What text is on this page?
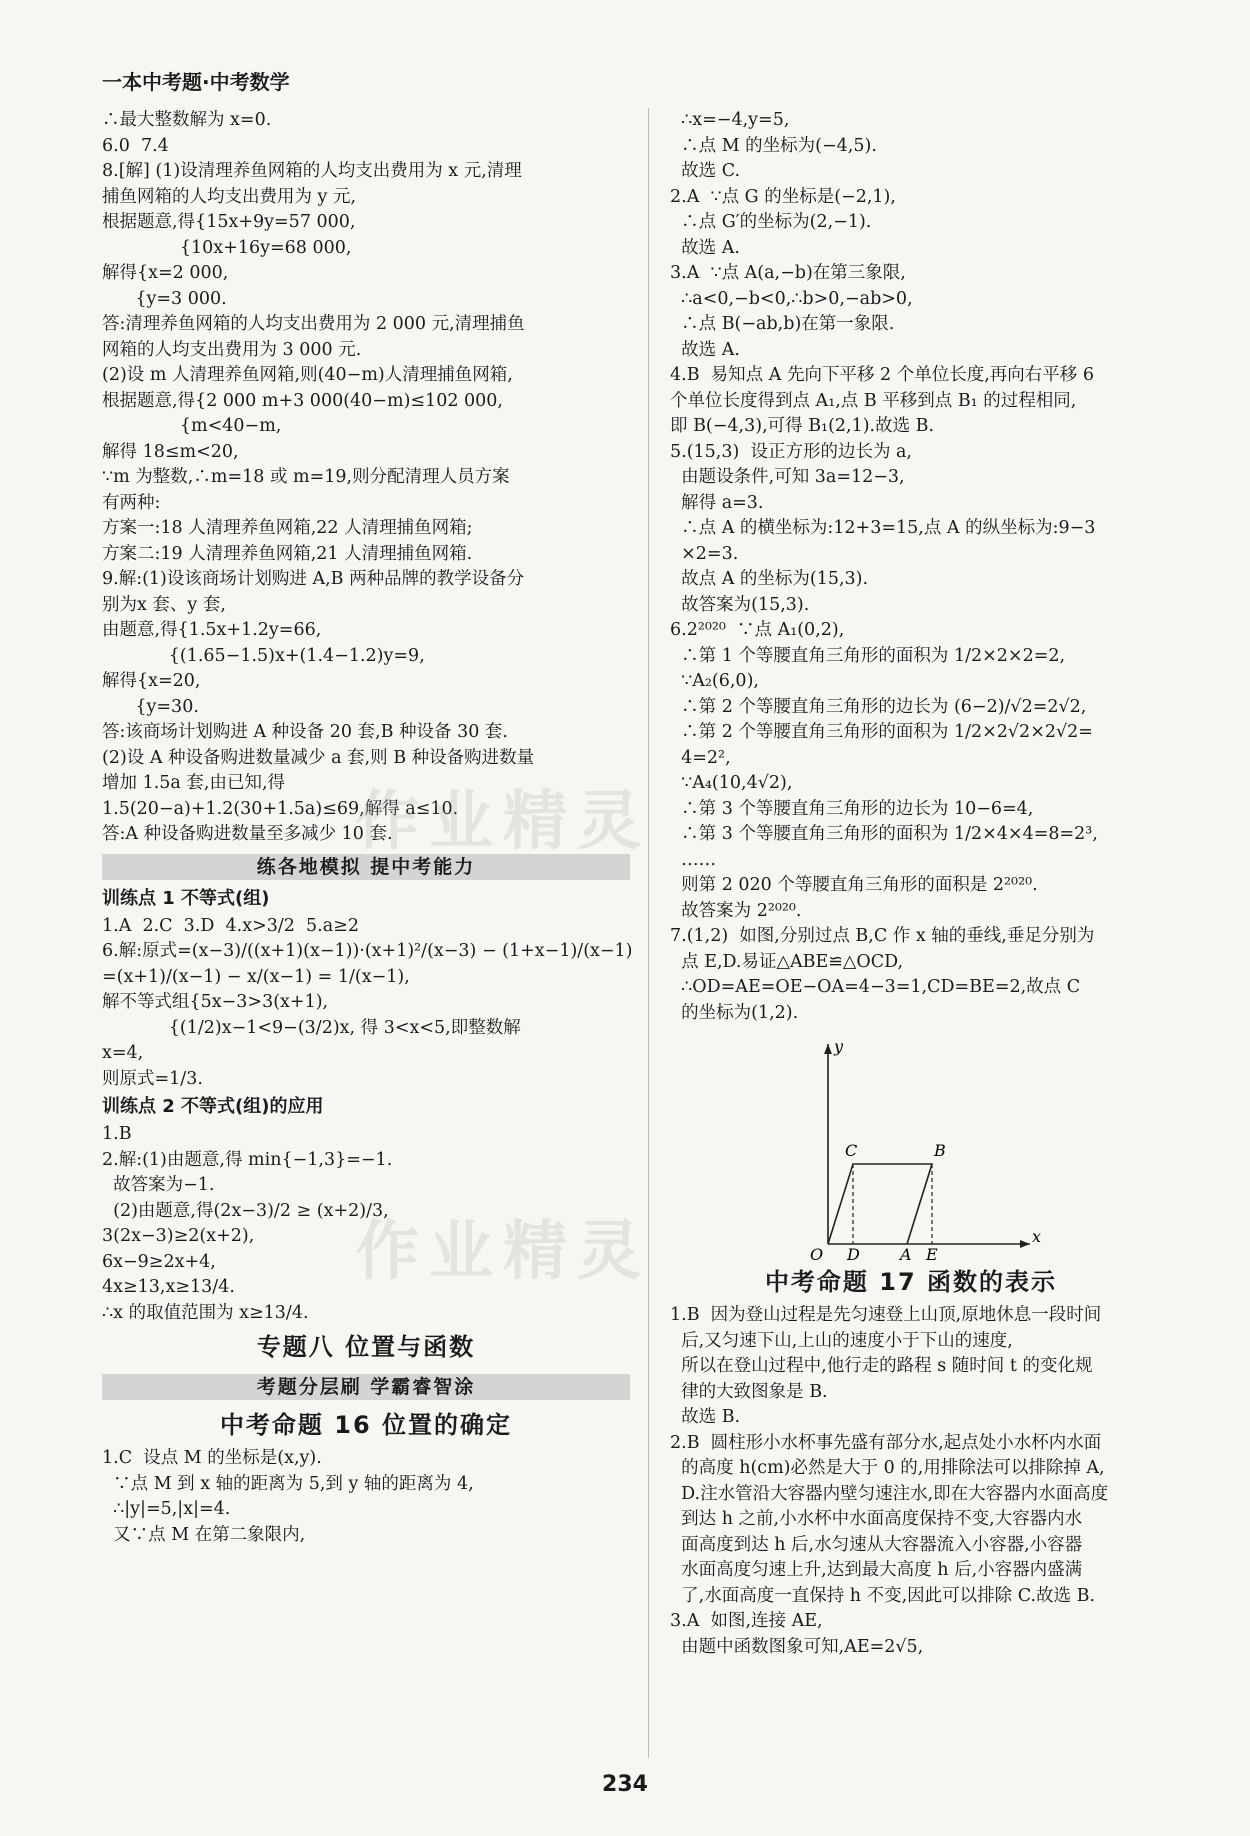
一本中考题·中考数学
∴最大整数解为 x=0.
6.0  7.4
8.[解] (1)设清理养鱼网箱的人均支出费用为 x 元,清理
捕鱼网箱的人均支出费用为 y 元,
根据题意,得{15x+9y=57 000,
{10x+16y=68 000,
解得{x=2 000,
{y=3 000.
答:清理养鱼网箱的人均支出费用为 2 000 元,清理捕鱼
网箱的人均支出费用为 3 000 元.
(2)设 m 人清理养鱼网箱,则(40−m)人清理捕鱼网箱,
根据题意,得{2 000 m+3 000(40−m)≤102 000,
{m<40−m,
解得 18≤m<20,
∵m 为整数,∴m=18 或 m=19,则分配清理人员方案
有两种:
方案一:18 人清理养鱼网箱,22 人清理捕鱼网箱;
方案二:19 人清理养鱼网箱,21 人清理捕鱼网箱.
9.解:(1)设该商场计划购进 A,B 两种品牌的教学设备分
别为x 套、y 套,
由题意,得{1.5x+1.2y=66,
{(1.65−1.5)x+(1.4−1.2)y=9,
解得{x=20,
{y=30.
答:该商场计划购进 A 种设备 20 套,B 种设备 30 套.
(2)设 A 种设备购进数量减少 a 套,则 B 种设备购进数量
增加 1.5a 套,由已知,得
1.5(20−a)+1.2(30+1.5a)≤69,解得 a≤10.
答:A 种设备购进数量至多减少 10 套.
练各地模拟 提中考能力
训练点 1 不等式(组)
1.A  2.C  3.D  4.x>3/2  5.a≥2
6.解:原式=(x−3)/((x+1)(x−1))·(x+1)²/(x−3) − (1+x−1)/(x−1)
=(x+1)/(x−1) − x/(x−1) = 1/(x−1),
解不等式组{5x−3>3(x+1),
{(1/2)x−1<9−(3/2)x, 得 3<x<5,即整数解
x=4,
则原式=1/3.
训练点 2 不等式(组)的应用
1.B
2.解:(1)由题意,得 min{−1,3}=−1.
故答案为−1.
(2)由题意,得(2x−3)/2 ≥ (x+2)/3,
3(2x−3)≥2(x+2),
6x−9≥2x+4,
4x≥13,x≥13/4.
∴x 的取值范围为 x≥13/4.
专题八 位置与函数
考题分层刷 学霸睿智涂
中考命题 16 位置的确定
1.C  设点 M 的坐标是(x,y).
∵点 M 到 x 轴的距离为 5,到 y 轴的距离为 4,
∴|y|=5,|x|=4.
又∵点 M 在第二象限内,
∴x=−4,y=5,
∴点 M 的坐标为(−4,5).
故选 C.
2.A  ∵点 G 的坐标是(−2,1),
∴点 G′的坐标为(2,−1).
故选 A.
3.A  ∵点 A(a,−b)在第三象限,
∴a<0,−b<0,∴b>0,−ab>0,
∴点 B(−ab,b)在第一象限.
故选 A.
4.B  易知点 A 先向下平移 2 个单位长度,再向右平移 6
个单位长度得到点 A₁,点 B 平移到点 B₁ 的过程相同,
即 B(−4,3),可得 B₁(2,1).故选 B.
5.(15,3)  设正方形的边长为 a,
由题设条件,可知 3a=12−3,
解得 a=3.
∴点 A 的横坐标为:12+3=15,点 A 的纵坐标为:9−3
×2=3.
故点 A 的坐标为(15,3).
故答案为(15,3).
6.2²⁰²⁰  ∵点 A₁(0,2),
∴第 1 个等腰直角三角形的面积为 1/2×2×2=2,
∵A₂(6,0),
∴第 2 个等腰直角三角形的边长为 (6−2)/√2=2√2,
∴第 2 个等腰直角三角形的面积为 1/2×2√2×2√2=
4=2²,
∵A₄(10,4√2),
∴第 3 个等腰直角三角形的边长为 10−6=4,
∴第 3 个等腰直角三角形的面积为 1/2×4×4=8=2³,
……
则第 2 020 个等腰直角三角形的面积是 2²⁰²⁰.
故答案为 2²⁰²⁰.
7.(1,2)  如图,分别过点 B,C 作 x 轴的垂线,垂足分别为
点 E,D.易证△ABE≌△OCD,
∴OD=AE=OE−OA=4−3=1,CD=BE=2,故点 C
的坐标为(1,2).
y
x
O
C	B
D	A E
中考命题 17 函数的表示
1.B  因为登山过程是先匀速登上山顶,原地休息一段时间
后,又匀速下山,上山的速度小于下山的速度,
所以在登山过程中,他行走的路程 s 随时间 t 的变化规
律的大致图象是 B.
故选 B.
2.B  圆柱形小水杯事先盛有部分水,起点处小水杯内水面
的高度 h(cm)必然是大于 0 的,用排除法可以排除掉 A,
D.注水管沿大容器内壁匀速注水,即在大容器内水面高度
到达 h 之前,小水杯中水面高度保持不变,大容器内水
面高度到达 h 后,水匀速从大容器流入小容器,小容器
水面高度匀速上升,达到最大高度 h 后,小容器内盛满
了,水面高度一直保持 h 不变,因此可以排除 C.故选 B.
3.A  如图,连接 AE,
由题中函数图象可知,AE=2√5,
作业精灵
作业精灵
234
